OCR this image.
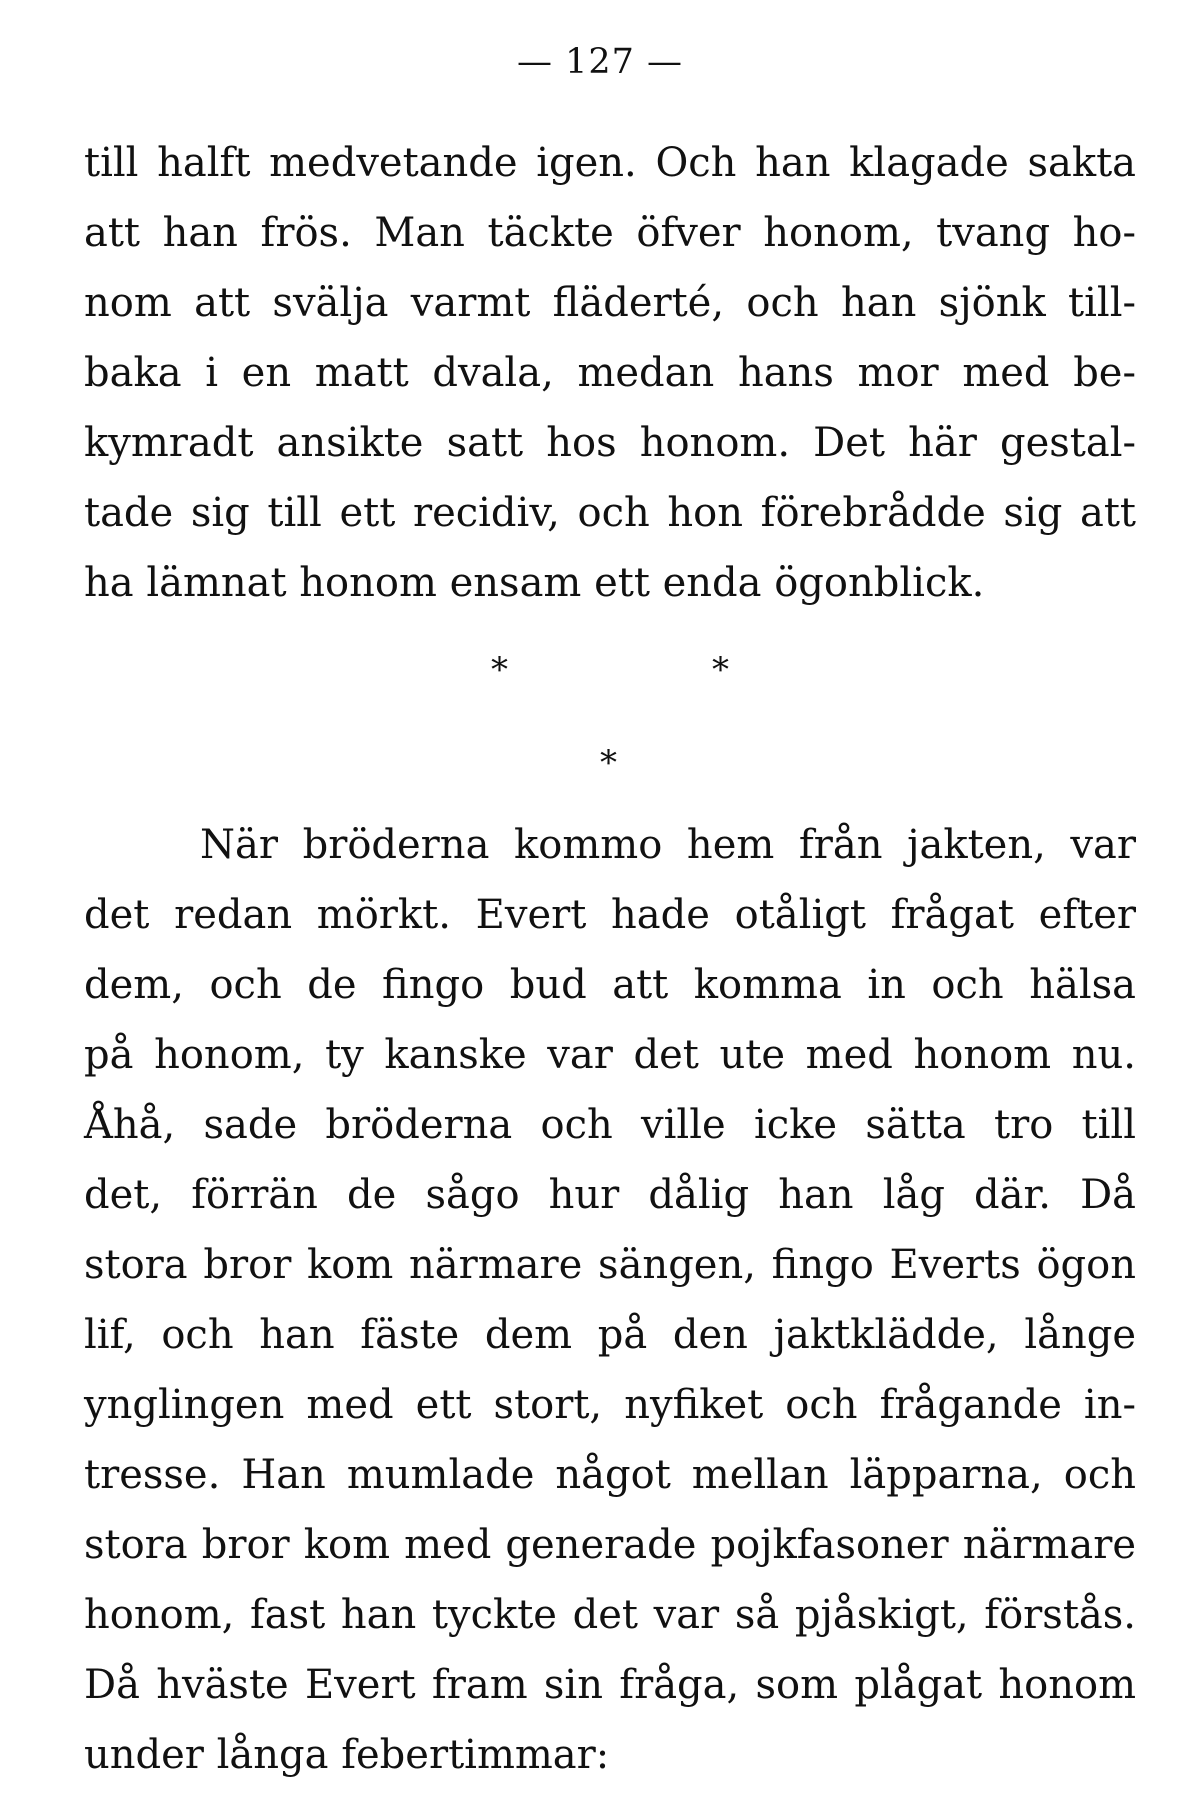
— 127 —
till halft medvetande igen. Och han klagade sakta
att han frös. Man täckte öfver honom, tvang ho-
nom att svälja varmt fläderté, och han sjönk till-
baka i en matt dvala, medan hans mor med be-
kymradt ansikte satt hos honom. Det här gestal-
tade sig till ett recidiv, och hon förebrådde sig att
ha lämnat honom ensam ett enda ögonblick.
*	*
*
När bröderna kommo hem från jakten, var
det redan mörkt. Evert hade otåligt frågat efter
dem, och de fingo bud att komma in och hälsa
på honom, ty kanske var det ute med honom nu.
Åhå, sade bröderna och ville icke sätta tro till
det, förrän de sågo hur dålig han låg där. Då
stora bror kom närmare sängen, fingo Everts ögon
lif, och han fäste dem på den jaktklädde, långe
ynglingen med ett stort, nyfiket och frågande in-
tresse. Han mumlade något mellan läpparna, och
stora bror kom med generade pojkfasoner närmare
honom, fast han tyckte det var så pjåskigt, förstås.
Då hväste Evert fram sin fråga, som plågat honom
under långa febertimmar:
